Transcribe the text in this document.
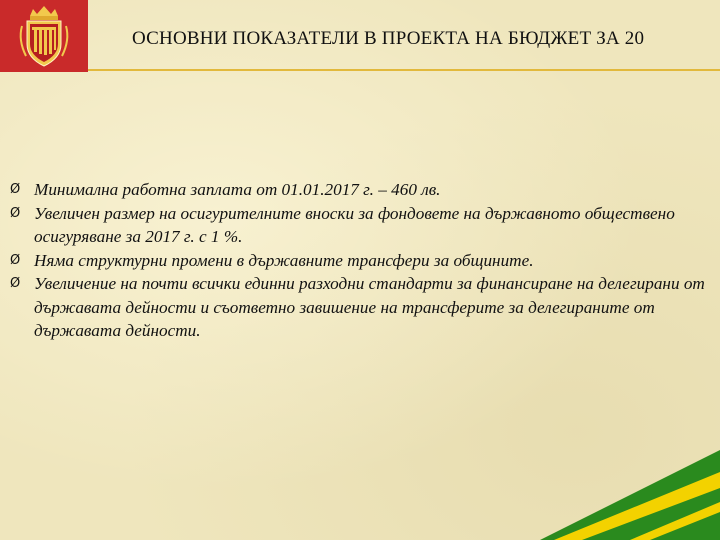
ОСНОВНИ ПОКАЗАТЕЛИ В ПРОЕКТА НА БЮДЖЕТ ЗА 20
Ø Минимална работна заплата от 01.01.2017 г. – 460 лв.
Ø Увеличен размер на осигурителните вноски за фондовете на държавното обществено осигуряване за 2017 г. с 1 %.
Ø Няма структурни промени в държавните трансфери за общините.
Ø Увеличение на почти всички единни разходни стандарти за финансиране на делегирани от държавата дейности и съответно завишение на трансферите за делегираните от държавата дейности.
